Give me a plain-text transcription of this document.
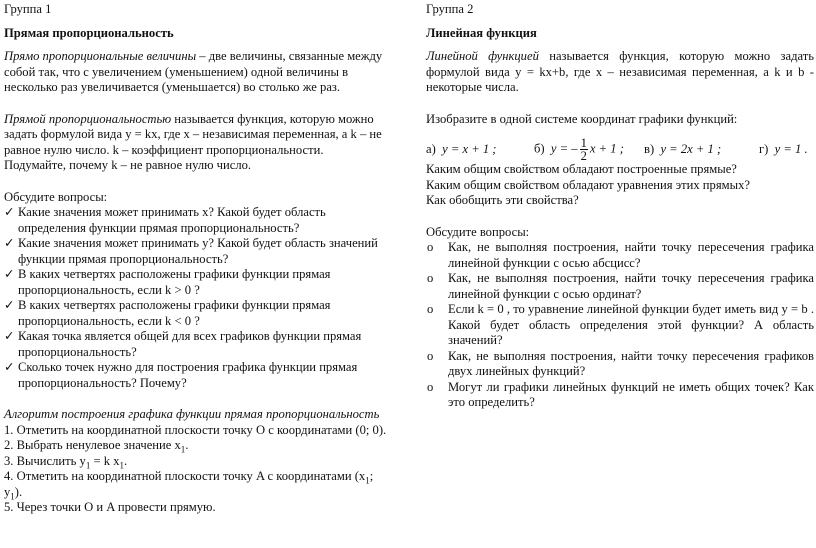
Группа 1

Прямая пропорциональность

Прямо пропорциональные величины – две величины, связанные между собой так, что с увеличением (уменьшением) одной величины в несколько раз увеличивается (уменьшается) во столько же раз.

Прямой пропорциональностью называется функция, которую можно задать формулой вида y = kx, где x – независимая переменная, а k – не равное нулю число. k – коэффициент пропорциональности.

Подумайте, почему k – не равное нулю число.

Обсудите вопросы:

✓ Какие значения может принимать x? Какой будет область определения функции прямая пропорциональность?
✓ Какие значения может принимать y? Какой будет область значений функции прямая пропорциональность?
✓ В каких четвертях расположены графики функции прямая пропорциональность, если k > 0 ?
✓ В каких четвертях расположены графики функции прямая пропорциональность, если k < 0 ?
✓ Какая точка является общей для всех графиков функции прямая пропорциональность?
✓ Сколько точек нужно для построения графика функции прямая пропорциональность? Почему?

Алгоритм построения графика функции прямая пропорциональность

1. Отметить на координатной плоскости точку O с координатами (0; 0).

2. Выбрать ненулевое значение $x_1$.

3. Вычислить $y_1 = k$ $x_1$.

4. Отметить на координатной плоскости точку A с координатами ($x_1$; $y_1$).

5. Через точки O и A провести прямую.

Группа 2

Линейная функция

Линейной функцией называется функция, которую можно задать формулой вида y = kx+b, где x – независимая переменная, а k и b - некоторые числа.

Изобразите в одной системе координат графики функций:

а) y = x + 1 ;	б) y = – $\frac{1}{2}$ x + 1 ;	в) y = 2x + 1 ;	г) y = 1 .

Каким общим свойством обладают построенные прямые?

Каким общим свойством обладают уравнения этих прямых?

Как обобщить эти свойства?

Обсудите вопросы:

o Как, не выполняя построения, найти точку пересечения графика линейной функции с осью абсцисс?
o Как, не выполняя построения, найти точку пересечения графика линейной функции с осью ординат?
o Если k = 0 , то уравнение линейной функции будет иметь вид y = b . Какой будет область определения этой функции? А область значений?
o Как, не выполняя построения, найти точку пересечения графиков двух линейных функций?
o Могут ли графики линейных функций не иметь общих точек? Как это определить?
